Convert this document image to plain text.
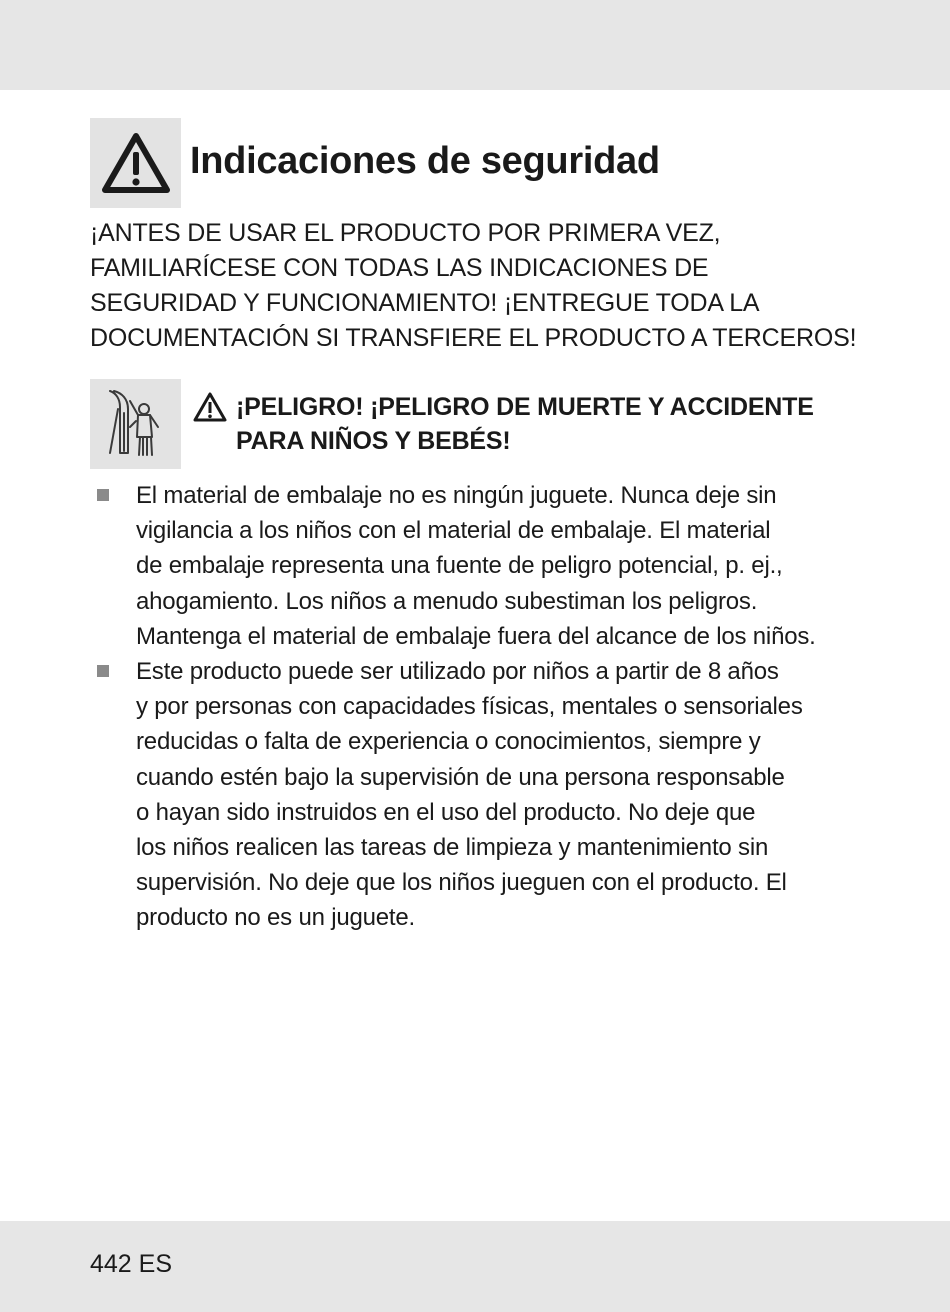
Indicaciones de seguridad
¡ANTES DE USAR EL PRODUCTO POR PRIMERA VEZ,
FAMILIARÍCESE CON TODAS LAS INDICACIONES DE
SEGURIDAD Y FUNCIONAMIENTO! ¡ENTREGUE TODA LA
DOCUMENTACIÓN SI TRANSFIERE EL PRODUCTO A TERCEROS!
¡PELIGRO! ¡PELIGRO DE MUERTE Y ACCIDENTE
PARA NIÑOS Y BEBÉS!
El material de embalaje no es ningún juguete. Nunca deje sin
vigilancia a los niños con el material de embalaje. El material
de embalaje representa una fuente de peligro potencial, p. ej.,
ahogamiento. Los niños a menudo subestiman los peligros.
Mantenga el material de embalaje fuera del alcance de los niños.
Este producto puede ser utilizado por niños a partir de 8 años
y por personas con capacidades físicas, mentales o sensoriales
reducidas o falta de experiencia o conocimientos, siempre y
cuando estén bajo la supervisión de una persona responsable
o hayan sido instruidos en el uso del producto. No deje que
los niños realicen las tareas de limpieza y mantenimiento sin
supervisión. No deje que los niños jueguen con el producto. El
producto no es un juguete.
442 ES
